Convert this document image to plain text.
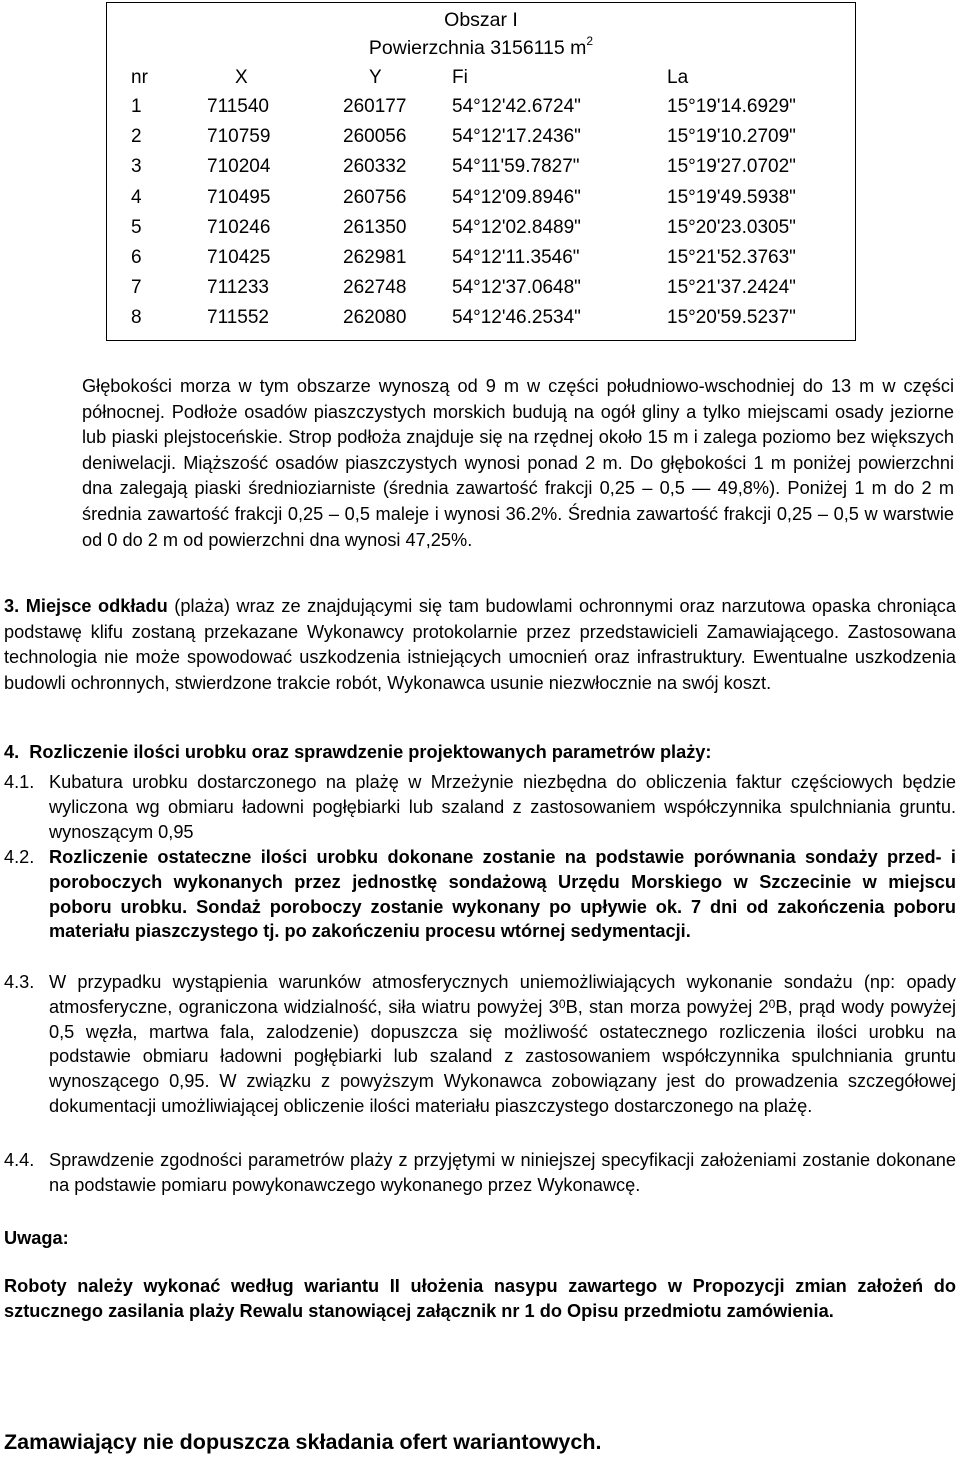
Obszar I
Powierzchnia 3156115 $m^2$
nr	X	Y	Fi	La
1	711540	260177 54°12'42.6724"	15°19'14.6929"
2	710759	260056 54°12'17.2436"	15°19'10.2709"
3	710204	260332 54°11'59.7827"	15°19'27.0702"
4	710495	260756 54°12'09.8946"	15°19'49.5938"
5	710246	261350 54°12'02.8489"	15°20'23.0305"
6	710425	262981 54°12'11.3546"	15°21'52.3763"
7	711233	262748 54°12'37.0648"	15°21'37.2424"
8	711552	262080 54°12'46.2534"	15°20'59.5237"

Głębokości morza w tym obszarze wynoszą od 9 m w części południowo-wschodniej do 13 m w części północnej. Podłoże osadów piaszczystych morskich budują na ogół gliny a tylko miejscami osady jeziorne lub piaski plejstoceńskie. Strop podłoża znajduje się na rzędnej około 15 m i zalega poziomo bez większych deniwelacji. Miąższość osadów piaszczystych wynosi ponad 2 m. Do głębokości 1 m poniżej powierzchni dna zalegają piaski średnioziarniste (średnia zawartość frakcji 0,25 – 0,5 — 49,8%). Poniżej 1 m do 2 m średnia zawartość frakcji 0,25 – 0,5 maleje i wynosi 36.2%. Średnia zawartość frakcji 0,25 – 0,5 w warstwie od 0 do 2 m od powierzchni dna wynosi 47,25%.

3. Miejsce odkładu (plaża) wraz ze znajdującymi się tam budowlami ochronnymi oraz narzutowa opaska chroniąca podstawę klifu zostaną przekazane Wykonawcy protokolarnie przez przedstawicieli Zamawiającego. Zastosowana technologia nie może spowodować uszkodzenia istniejących umocnień oraz infrastruktury. Ewentualne uszkodzenia budowli ochronnych, stwierdzone trakcie robót, Wykonawca usunie niezwłocznie na swój koszt.

4. Rozliczenie ilości urobku oraz sprawdzenie projektowanych parametrów plaży:
4.1. Kubatura urobku dostarczonego na plażę w Mrzeżynie niezbędna do obliczenia faktur częściowych będzie wyliczona wg obmiaru ładowni pogłębiarki lub szaland z zastosowaniem współczynnika spulchniania gruntu. wynoszącym 0,95
4.2. Rozliczenie ostateczne ilości urobku dokonane zostanie na podstawie porównania sondaży przed- i poroboczych wykonanych przez jednostkę sondażową Urzędu Morskiego w Szczecinie w miejscu poboru urobku. Sondaż poroboczy zostanie wykonany po upływie ok. 7 dni od zakończenia poboru materiału piaszczystego tj. po zakończeniu procesu wtórnej sedymentacji.
4.3. W przypadku wystąpienia warunków atmosferycznych uniemożliwiających wykonanie sondażu (np: opady atmosferyczne, ograniczona widzialność, siła wiatru powyżej $3^0B$, stan morza powyżej $2^0B$, prąd wody powyżej 0,5 węzła, martwa fala, zalodzenie) dopuszcza się możliwość ostatecznego rozliczenia ilości urobku na podstawie obmiaru ładowni pogłębiarki lub szaland z zastosowaniem współczynnika spulchniania gruntu wynoszącego 0,95. W związku z powyższym Wykonawca zobowiązany jest do prowadzenia szczegółowej dokumentacji umożliwiającej obliczenie ilości materiału piaszczystego dostarczonego na plażę.
4.4. Sprawdzenie zgodności parametrów plaży z przyjętymi w niniejszej specyfikacji założeniami zostanie dokonane na podstawie pomiaru powykonawczego wykonanego przez Wykonawcę.
Uwaga:

Roboty należy wykonać według wariantu II ułożenia nasypu zawartego w Propozycji zmian założeń do sztucznego zasilania plaży Rewalu stanowiącej załącznik nr 1 do Opisu przedmiotu zamówienia.

Zamawiający nie dopuszcza składania ofert wariantowych.
